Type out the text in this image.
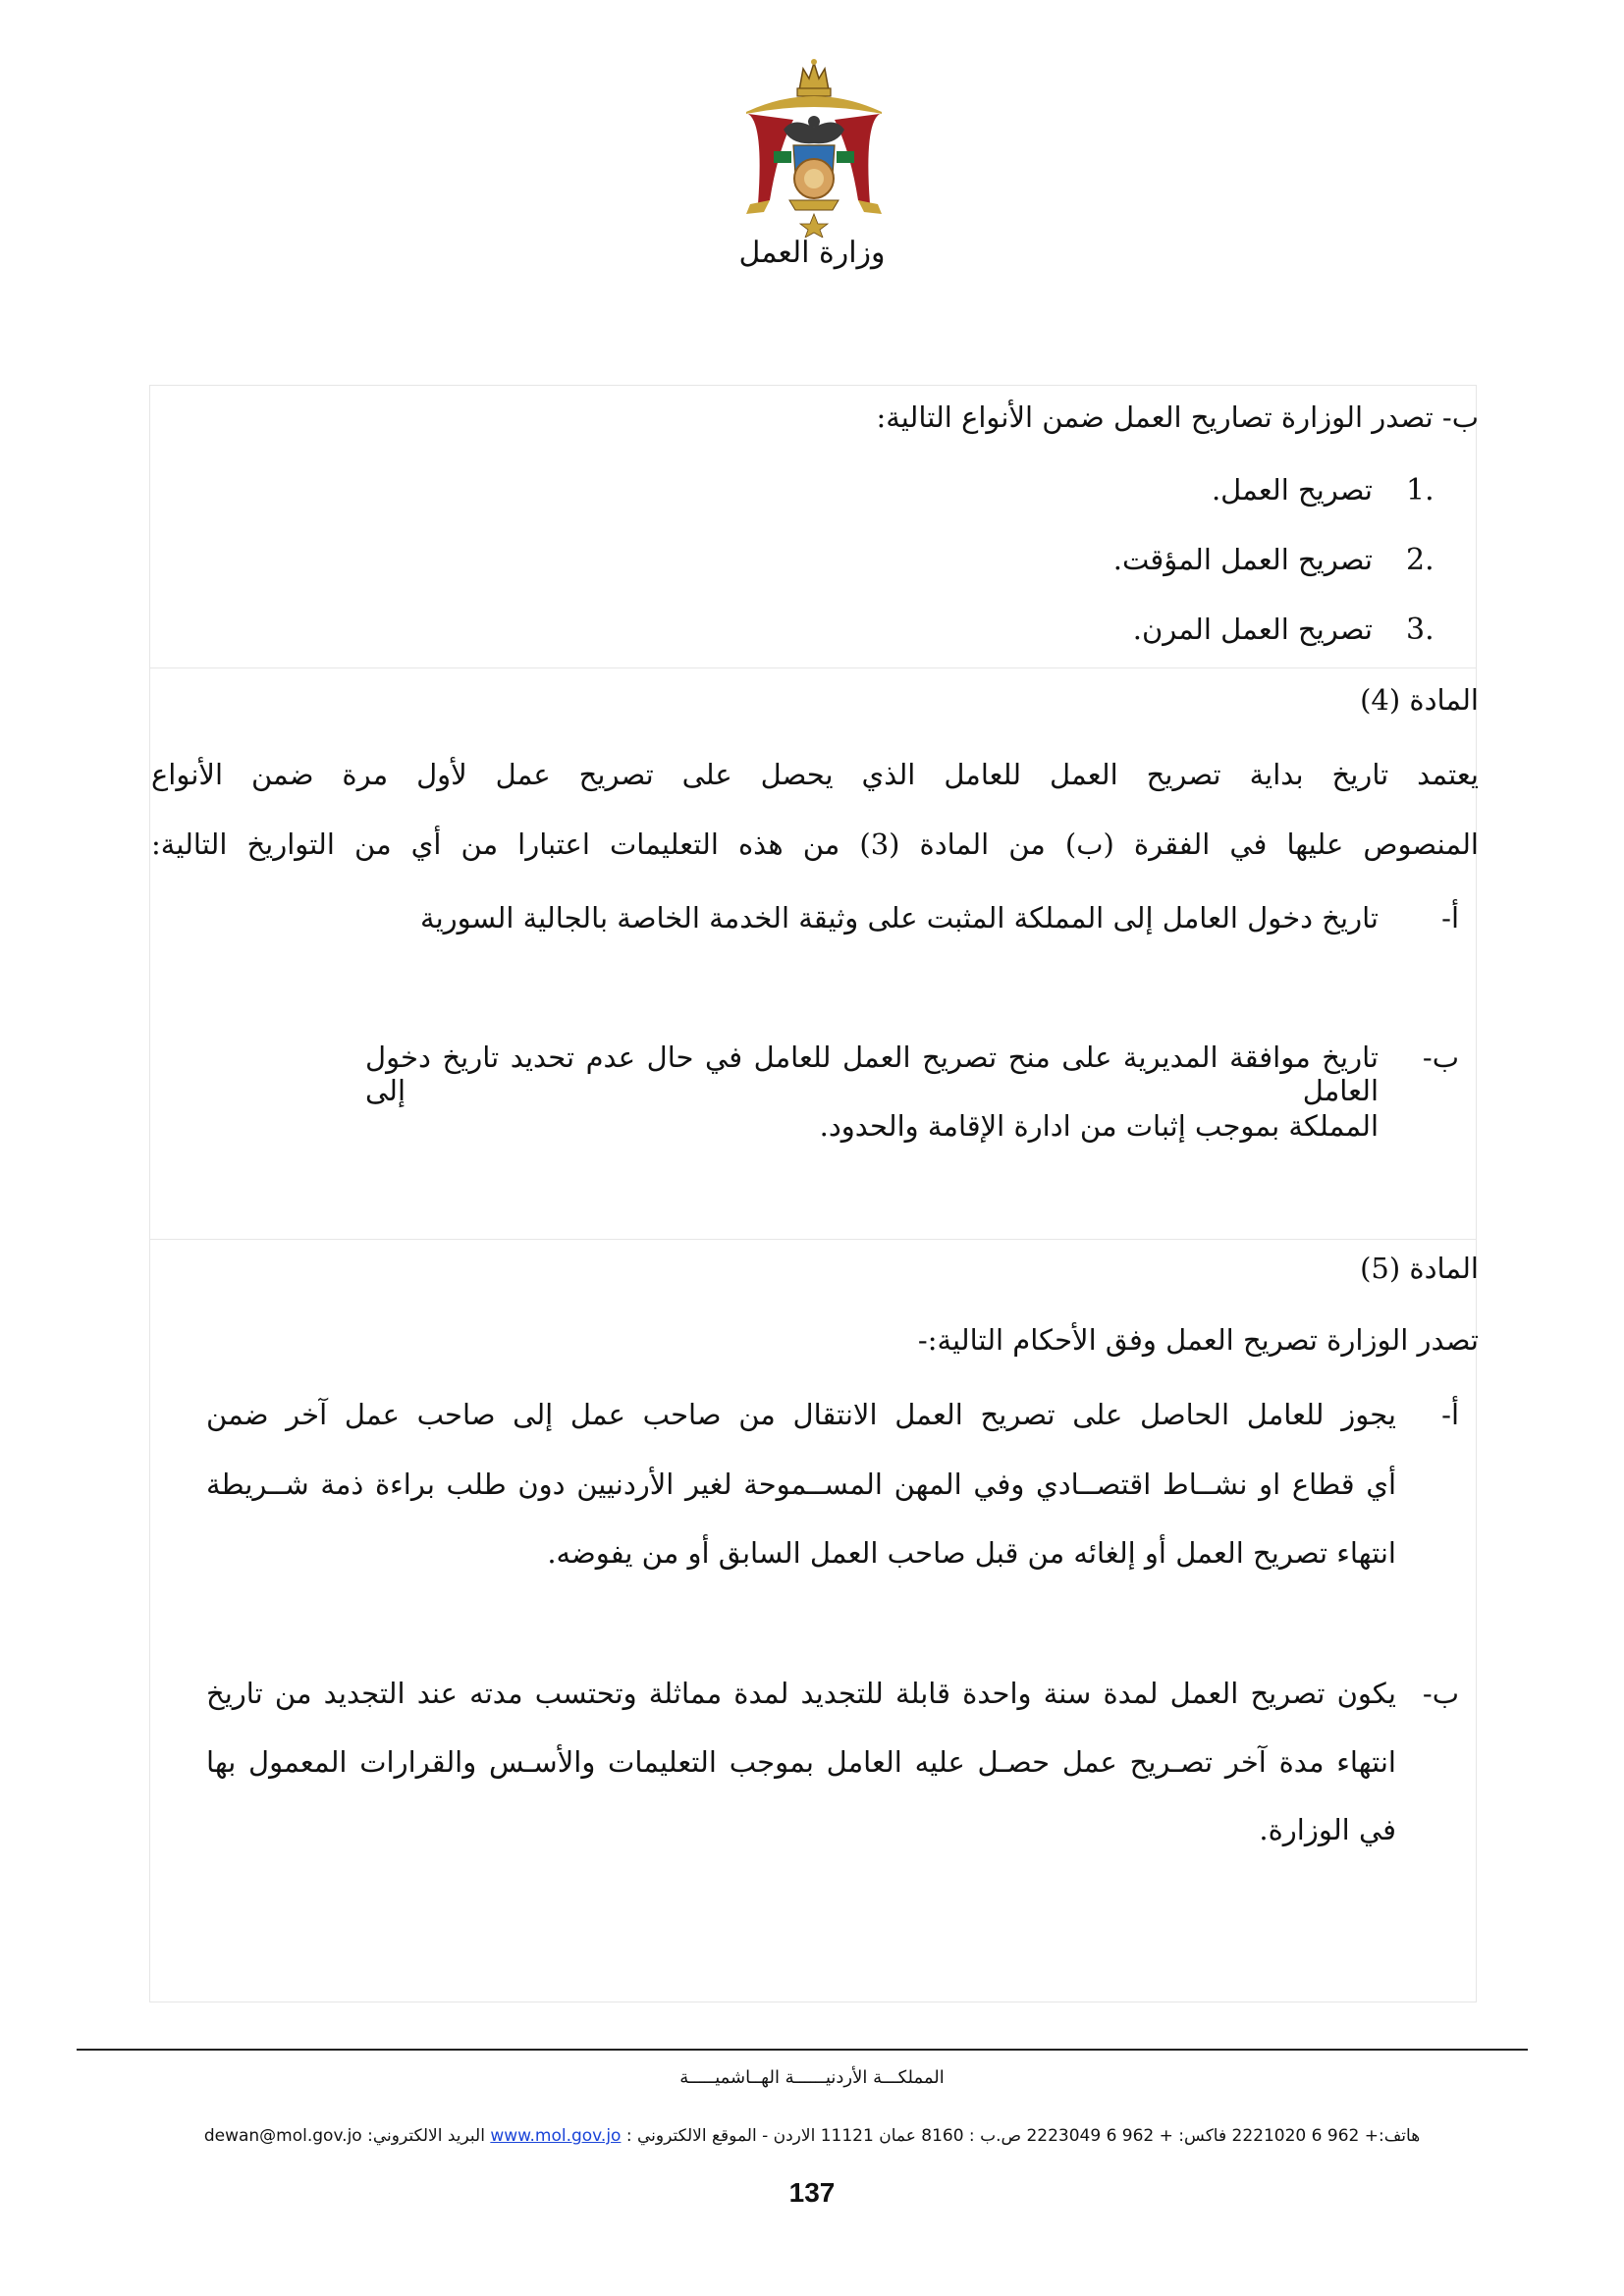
وزارة العمل
ب- تصدر الوزارة تصاريح العمل ضمن الأنواع التالية:
1.
تصريح العمل.
2.
تصريح العمل المؤقت.
3.
تصريح العمل المرن.
المادة (4)
يعتمد تاريخ بداية تصريح العمل للعامل الذي يحصل على تصريح عمل لأول مرة ضمن الأنواع
المنصوص عليها في الفقرة (ب) من المادة (3) من هذه التعليمات اعتبارا من أي من التواريخ التالية:
أ-
تاريخ دخول العامل إلى المملكة المثبت على وثيقة الخدمة الخاصة بالجالية السورية
ب-
تاريخ موافقة المديرية على منح تصريح العمل للعامل في حال عدم تحديد تاريخ دخول العامل إلى
المملكة بموجب إثبات من ادارة الإقامة والحدود.
المادة (5)
تصدر الوزارة تصريح العمل وفق الأحكام التالية:-
أ-
يجوز للعامل الحاصل على تصريح العمل الانتقال من صاحب عمل إلى صاحب عمل آخر ضمن
أي قطاع او نشــاط اقتصــادي وفي المهن المســموحة لغير الأردنيين دون طلب براءة ذمة شــريطة
انتهاء تصريح العمل أو إلغائه من قبل صاحب العمل السابق أو من يفوضه.
ب-
يكون تصريح العمل لمدة سنة واحدة قابلة للتجديد لمدة مماثلة وتحتسب مدته عند التجديد من تاريخ
انتهاء مدة آخر تصـريح عمل حصـل عليه العامل بموجب التعليمات والأسـس والقرارات المعمول بها
في الوزارة.
المملكـــة الأردنيــــــة الهــاشميـــــة
هاتف:+ 962 6 2221020 فاكس: + 962 6 2223049 ص.ب : 8160 عمان 11121 الاردن - الموقع الالكتروني : www.mol.gov.jo البريد الالكتروني: dewan@mol.gov.jo
137
